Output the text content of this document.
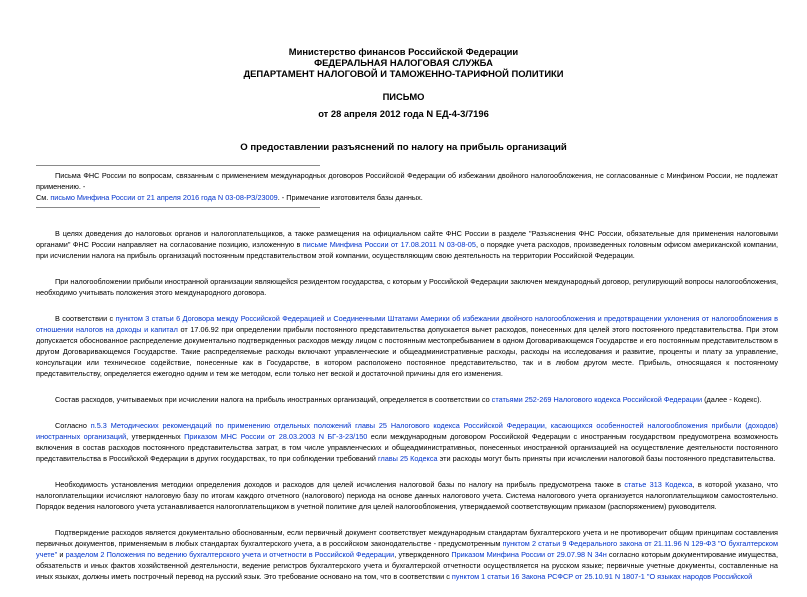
Министерство финансов Российской Федерации
ФЕДЕРАЛЬНАЯ НАЛОГОВАЯ СЛУЖБА
ДЕПАРТАМЕНТ НАЛОГОВОЙ И ТАМОЖЕННО-ТАРИФНОЙ ПОЛИТИКИ
ПИСЬМО
от 28 апреля 2012 года N ЕД-4-3/7196
О предоставлении разъяснений по налогу на прибыль организаций

Письма ФНС России по вопросам, связанным с применением международных договоров Российской Федерации об избежании двойного налогообложения, не согласованные с Минфином России, не подлежат применению. -

См. письмо Минфина России от 21 апреля 2016 года N 03-08-РЗ/23009. - Примечание изготовителя базы данных.

В целях доведения до налоговых органов и налогоплательщиков, а также размещения на официальном сайте ФНС России в разделе "Разъяснения ФНС России, обязательные для применения налоговыми органами" ФНС России направляет на согласование позицию, изложенную в письме Минфина России от 17.08.2011 N 03-08-05, о порядке учета расходов, произведенных головным офисом американской компании, при исчислении налога на прибыль организаций постоянным представительством этой компании, осуществляющим свою деятельность на территории Российской Федерации.

При налогообложении прибыли иностранной организации являющейся резидентом государства, с которым у Российской Федерации заключен международный договор, регулирующий вопросы налогообложения, необходимо учитывать положения этого международного договора.

В соответствии с пунктом 3 статьи 6 Договора между Российской Федерацией и Соединенными Штатами Америки об избежании двойного налогообложения и предотвращении уклонения от налогообложения в отношении налогов на доходы и капитал от 17.06.92 при определении прибыли постоянного представительства допускается вычет расходов, понесенных для целей этого постоянного представительства. При этом допускается обоснованное распределение документально подтвержденных расходов между лицом с постоянным местопребыванием в одном Договаривающемся Государстве и его постоянным представительством в другом Договаривающемся Государстве. Такие распределяемые расходы включают управленческие и общеадминистративные расходы, расходы на исследования и развитие, проценты и плату за управление, консультации или техническое содействие, понесенные как в Государстве, в котором расположено постоянное представительство, так и в любом другом месте. Прибыль, относящаяся к постоянному представительству, определяется ежегодно одним и тем же методом, если только нет веской и достаточной причины для его изменения.

Состав расходов, учитываемых при исчислении налога на прибыль иностранных организаций, определяется в соответствии со статьями 252-269 Налогового кодекса Российской Федерации (далее - Кодекс).

Согласно п.5.3 Методических рекомендаций по применению отдельных положений главы 25 Налогового кодекса Российской Федерации, касающихся особенностей налогообложения прибыли (доходов) иностранных организаций, утвержденных Приказом МНС России от 28.03.2003 N БГ-3-23/150 если международным договором Российской Федерации с иностранным государством предусмотрена возможность включения в состав расходов постоянного представительства затрат, в том числе управленческих и общеадминистративных, понесенных иностранной организацией на осуществление деятельности постоянного представительства в Российской Федерации в других государствах, то при соблюдении требований главы 25 Кодекса эти расходы могут быть приняты при исчислении налоговой базы постоянного представительства.

Необходимость установления методики определения доходов и расходов для целей исчисления налоговой базы по налогу на прибыль предусмотрена также в статье 313 Кодекса, в которой указано, что налогоплательщики исчисляют налоговую базу по итогам каждого отчетного (налогового) периода на основе данных налогового учета. Система налогового учета организуется налогоплательщиком самостоятельно. Порядок ведения налогового учета устанавливается налогоплательщиком в учетной политике для целей налогообложения, утверждаемой соответствующим приказом (распоряжением) руководителя.

Подтверждение расходов является документально обоснованным, если первичный документ соответствует международным стандартам бухгалтерского учета и не противоречит общим принципам составления первичных документов, применяемым в любых стандартах бухгалтерского учета, а в российском законодательстве - предусмотренным пунктом 2 статьи 9 Федерального закона от 21.11.96 N 129-ФЗ "О бухгалтерском учете" и разделом 2 Положения по ведению бухгалтерского учета и отчетности в Российской Федерации, утвержденного Приказом Минфина России от 29.07.98 N 34н согласно которым документирование имущества, обязательств и иных фактов хозяйственной деятельности, ведение регистров бухгалтерского учета и бухгалтерской отчетности осуществляется на русском языке; первичные учетные документы, составленные на иных языках, должны иметь построчный перевод на русский язык. Это требование основано на том, что в соответствии с пунктом 1 статьи 16 Закона РСФСР от 25.10.91 N 1807-1 "О языках народов Российской
